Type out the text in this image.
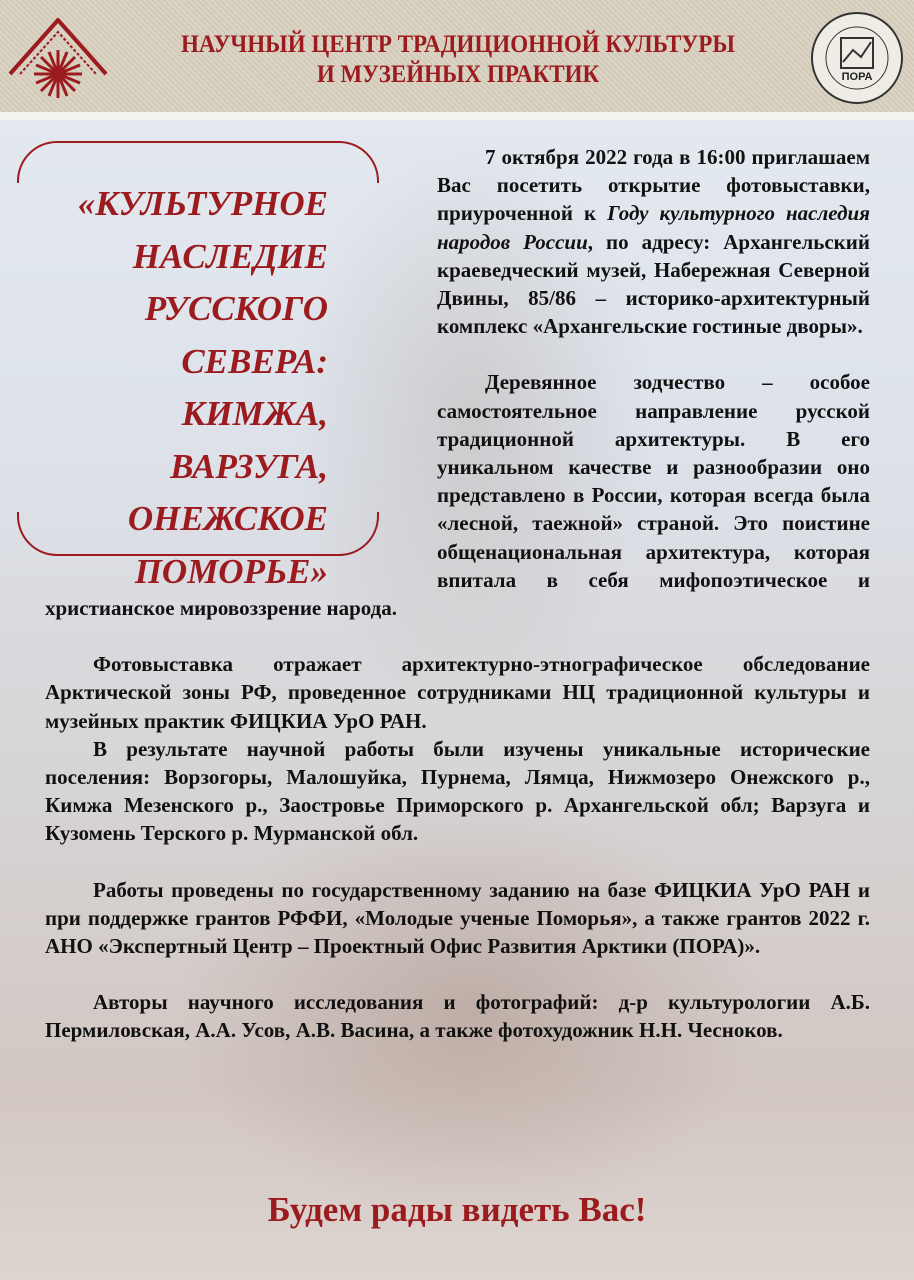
НАУЧНЫЙ ЦЕНТР ТРАДИЦИОННОЙ КУЛЬТУРЫ
И МУЗЕЙНЫХ ПРАКТИК	ПОРА
«КУЛЬТУРНОЕ
НАСЛЕДИЕ
РУССКОГО
СЕВЕРА:
КИМЖА,
ВАРЗУГА,
ОНЕЖСКОЕ
ПОМОРЬЕ»

7 октября 2022 года в 16:00 приглашаем Вас посетить открытие фотовыставки, приуроченной к Году культурного наследия народов России, по адресу: Архангельский краеведческий музей, Набережная Северной Двины, 85/86 – историко-архитектурный комплекс «Архангельские гостиные дворы».

Деревянное зодчество – особое самостоятельное направление русской традиционной архитектуры. В его уникальном качестве и разнообразии оно представлено в России, которая всегда была «лесной, таежной» страной. Это поистине общенациональная архитектура, которая впитала в себя мифопоэтическое и христианское мировоззрение народа.

Фотовыставка отражает архитектурно-этнографическое обследование Арктической зоны РФ, проведенное сотрудниками НЦ традиционной культуры и музейных практик ФИЦКИА УрО РАН.

В результате научной работы были изучены уникальные исторические поселения: Ворзогоры, Малошуйка, Пурнема, Лямца, Нижмозеро Онежского р., Кимжа Мезенского р., Заостровье Приморского р. Архангельской обл; Варзуга и Кузомень Терского р. Мурманской обл.

Работы проведены по государственному заданию на базе ФИЦКИА УрО РАН и при поддержке грантов РФФИ, «Молодые ученые Поморья», а также грантов 2022 г. АНО «Экспертный Центр – Проектный Офис Развития Арктики (ПОРА)».

Авторы научного исследования и фотографий: д-р культурологии А.Б. Пермиловская, А.А. Усов, А.В. Васина, а также фотохудожник Н.Н. Чесноков.

Будем рады видеть Вас!
